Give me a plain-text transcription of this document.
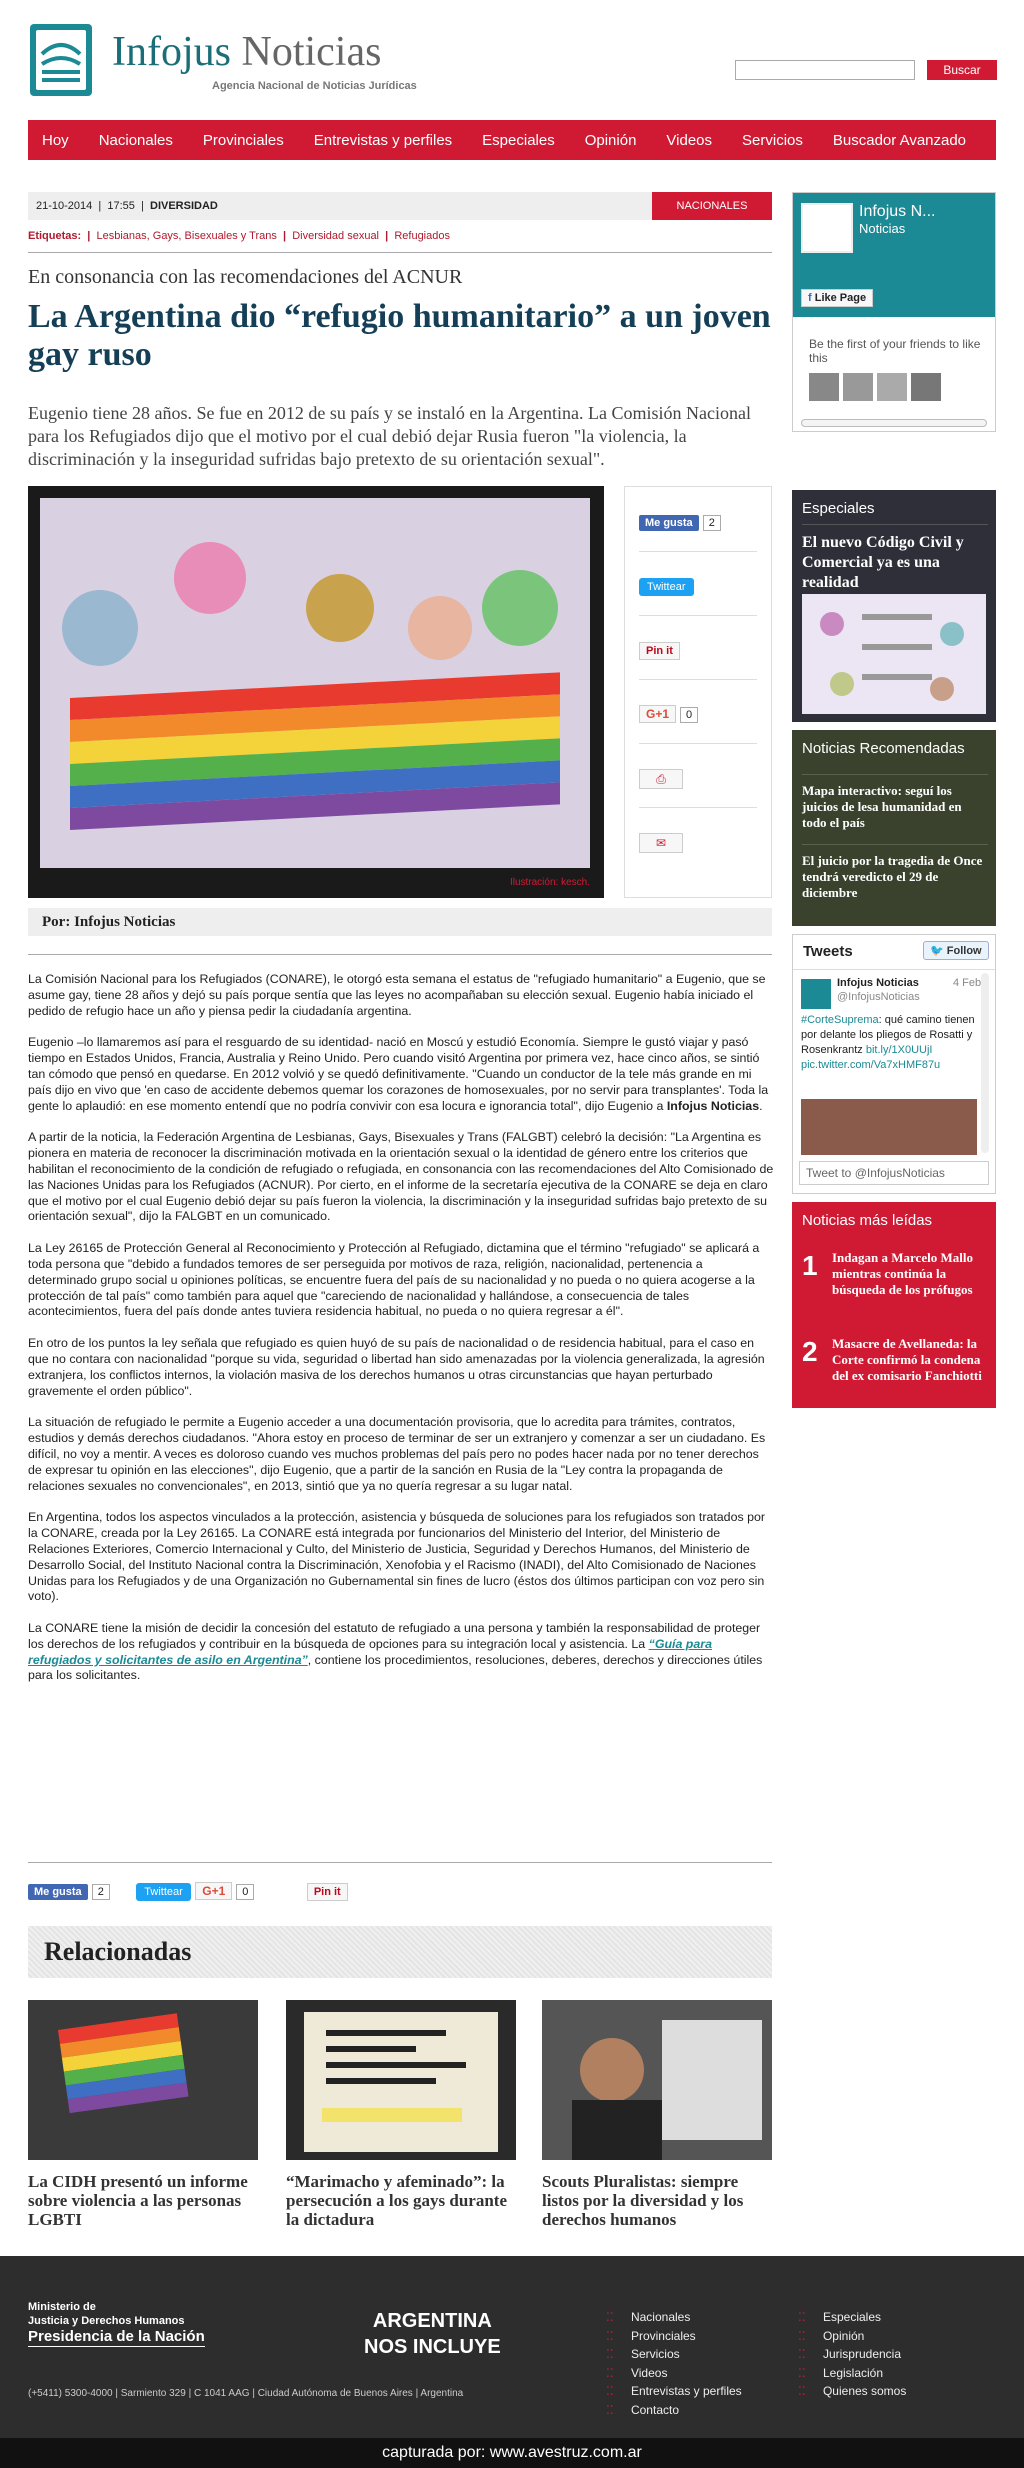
Infojus Noticias
Agencia Nacional de Noticias Jurídicas
Buscar
Hoy Nacionales Provinciales Entrevistas y perfiles Especiales Opinión Videos Servicios Buscador Avanzado
21-10-2014  |  17:55  |  DIVERSIDAD	NACIONALES
Etiquetas:  |  Lesbianas, Gays, Bisexuales y Trans  |  Diversidad sexual  |  Refugiados
En consonancia con las recomendaciones del ACNUR
La Argentina dio “refugio humanitario” a un joven gay ruso
Eugenio tiene 28 años. Se fue en 2012 de su país y se instaló en la Argentina. La Comisión Nacional para los Refugiados dijo que el motivo por el cual debió dejar Rusia fueron "la violencia, la discriminación y la inseguridad sufridas bajo pretexto de su orientación sexual".
Ilustración: kesch.
Me gusta 2
Twittear
Pin it
G+1 0
⎙
✉
Por: Infojus Noticias

La Comisión Nacional para los Refugiados (CONARE), le otorgó esta semana el estatus de "refugiado humanitario" a Eugenio, que se asume gay, tiene 28 años y dejó su país porque sentía que las leyes no acompañaban su elección sexual. Eugenio había iniciado el pedido de refugio hace un año y piensa pedir la ciudadanía argentina.

Eugenio –lo llamaremos así para el resguardo de su identidad- nació en Moscú y estudió Economía. Siempre le gustó viajar y pasó tiempo en Estados Unidos, Francia, Australia y Reino Unido. Pero cuando visitó Argentina por primera vez, hace cinco años, se sintió tan cómodo que pensó en quedarse. En 2012 volvió y se quedó definitivamente. "Cuando un conductor de la tele más grande en mi país dijo en vivo que 'en caso de accidente debemos quemar los corazones de homosexuales, por no servir para transplantes'. Toda la gente lo aplaudió: en ese momento entendí que no podría convivir con esa locura e ignorancia total", dijo Eugenio a Infojus Noticias.

A partir de la noticia, la Federación Argentina de Lesbianas, Gays, Bisexuales y Trans (FALGBT) celebró la decisión: "La Argentina es pionera en materia de reconocer la discriminación motivada en la orientación sexual o la identidad de género entre los criterios que habilitan el reconocimiento de la condición de refugiado o refugiada, en consonancia con las recomendaciones del Alto Comisionado de las Naciones Unidas para los Refugiados (ACNUR). Por cierto, en el informe de la secretaría ejecutiva de la CONARE se deja en claro que el motivo por el cual Eugenio debió dejar su país fueron la violencia, la discriminación y la inseguridad sufridas bajo pretexto de su orientación sexual", dijo la FALGBT en un comunicado.

La Ley 26165 de Protección General al Reconocimiento y Protección al Refugiado, dictamina que el término "refugiado" se aplicará a toda persona que "debido a fundados temores de ser perseguida por motivos de raza, religión, nacionalidad, pertenencia a determinado grupo social u opiniones políticas, se encuentre fuera del país de su nacionalidad y no pueda o no quiera acogerse a la protección de tal país" como también para aquel que "careciendo de nacionalidad y hallándose, a consecuencia de tales acontecimientos, fuera del país donde antes tuviera residencia habitual, no pueda o no quiera regresar a él".

En otro de los puntos la ley señala que refugiado es quien huyó de su país de nacionalidad o de residencia habitual, para el caso en que no contara con nacionalidad "porque su vida, seguridad o libertad han sido amenazadas por la violencia generalizada, la agresión extranjera, los conflictos internos, la violación masiva de los derechos humanos u otras circunstancias que hayan perturbado gravemente el orden público".

La situación de refugiado le permite a Eugenio acceder a una documentación provisoria, que lo acredita para trámites, contratos, estudios y demás derechos ciudadanos. "Ahora estoy en proceso de terminar de ser un extranjero y comenzar a ser un ciudadano. Es difícil, no voy a mentir. A veces es doloroso cuando ves muchos problemas del país pero no podes hacer nada por no tener derechos de expresar tu opinión en las elecciones", dijo Eugenio, que a partir de la sanción en Rusia de la "Ley contra la propaganda de relaciones sexuales no convencionales", en 2013, sintió que ya no quería regresar a su lugar natal.

En Argentina, todos los aspectos vinculados a la protección, asistencia y búsqueda de soluciones para los refugiados son tratados por la CONARE, creada por la Ley 26165. La CONARE está integrada por funcionarios del Ministerio del Interior, del Ministerio de Relaciones Exteriores, Comercio Internacional y Culto, del Ministerio de Justicia, Seguridad y Derechos Humanos, del Ministerio de Desarrollo Social, del Instituto Nacional contra la Discriminación, Xenofobia y el Racismo (INADI), del Alto Comisionado de Naciones Unidas para los Refugiados y de una Organización no Gubernamental sin fines de lucro (éstos dos últimos participan con voz pero sin voto).

La CONARE tiene la misión de decidir la concesión del estatuto de refugiado a una persona y también la responsabilidad de proteger los derechos de los refugiados y contribuir en la búsqueda de opciones para su integración local y asistencia. La “Guía para refugiados y solicitantes de asilo en Argentina”, contiene los procedimientos, resoluciones, deberes, derechos y direcciones útiles para los solicitantes.

Me gusta 2	Twittear G+1 0	Pin it
Relacionadas
La CIDH presentó un informe sobre violencia a las personas LGBTI
“Marimacho y afeminado”: la persecución a los gays durante la dictadura
Scouts Pluralistas: siempre listos por la diversidad y los derechos humanos
Infojus N...
Noticias
f Like Page
Be the first of your friends to like this
Especiales
El nuevo Código Civil y Comercial ya es una realidad
Noticias Recomendadas
Mapa interactivo: seguí los juicios de lesa humanidad en todo el país
El juicio por la tragedia de Once tendrá veredicto el 29 de diciembre
Tweets	🐦 Follow
Infojus Noticias	4 Feb
@InfojusNoticias
#CorteSuprema: qué camino tienen por delante los pliegos de Rosatti y Rosenkrantz bit.ly/1X0UUjI pic.twitter.com/Va7xHMF87u
Tweet to @InfojusNoticias
Noticias más leídas
1 Indagan a Marcelo Mallo mientras continúa la búsqueda de los prófugos
2 Masacre de Avellaneda: la Corte confirmó la condena del ex comisario Fanchiotti
Ministerio de
Justicia y Derechos Humanos
Presidencia de la Nación
ARGENTINA
NOS INCLUYE
(+5411) 5300-4000 | Sarmiento 329 | C 1041 AAG | Ciudad Autónoma de Buenos Aires | Argentina
⁚⁚ Nacionales
⁚⁚ Provinciales
⁚⁚ Servicios
⁚⁚ Videos
⁚⁚ Entrevistas y perfiles
⁚⁚ Contacto
⁚⁚ Especiales
⁚⁚ Opinión
⁚⁚ Jurisprudencia
⁚⁚ Legislación
⁚⁚ Quienes somos
capturada por: www.avestruz.com.ar
